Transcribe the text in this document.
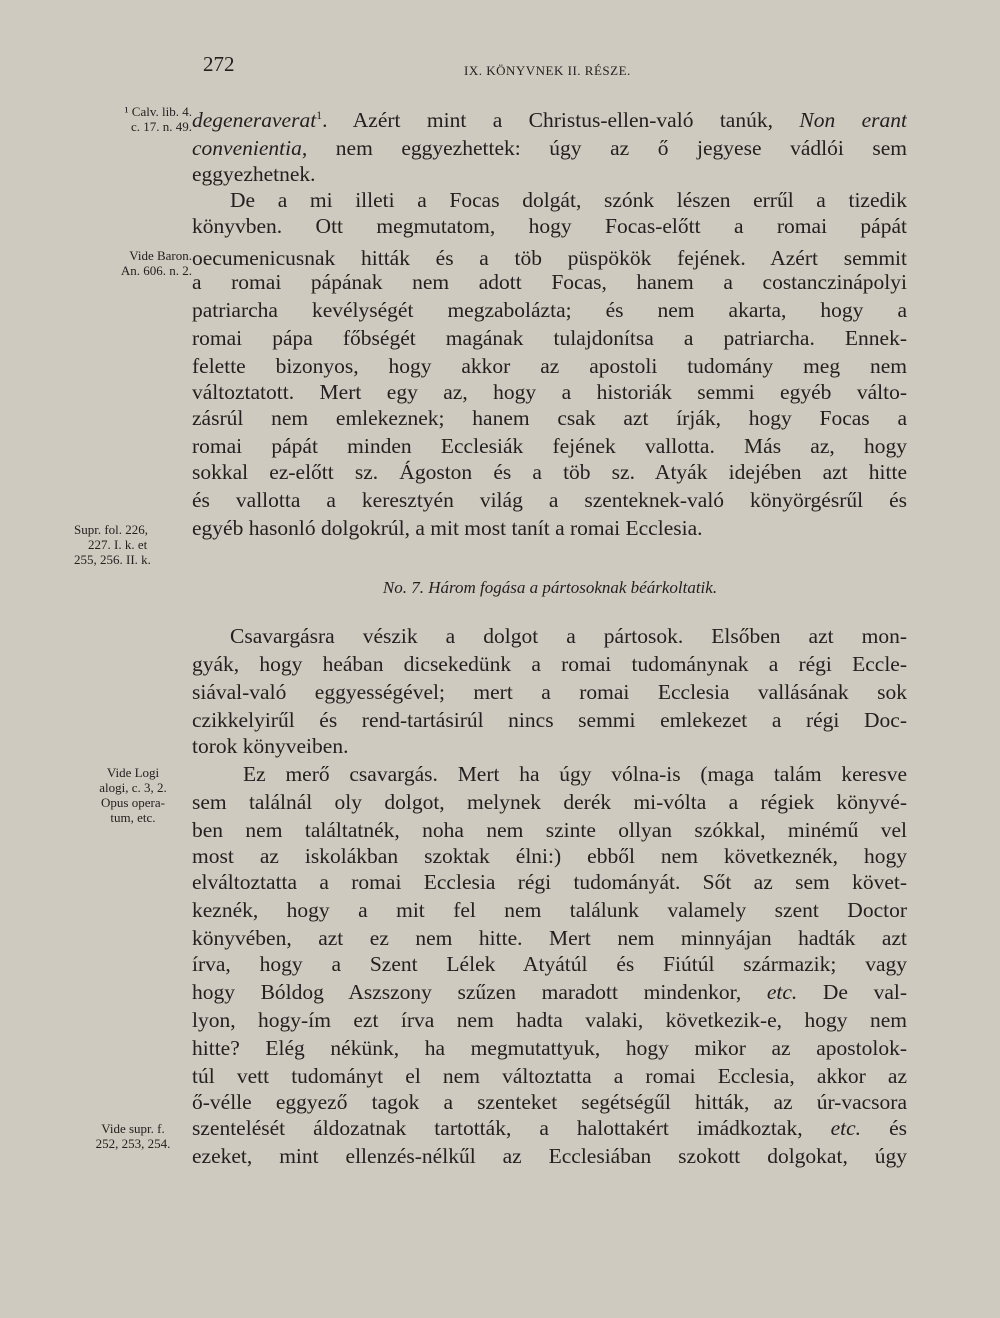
272	IX. KÖNYVNEK II. RÉSZE.
¹ Calv. lib. 4.
c. 17. n. 49.
Vide Baron.
An. 606. n. 2.
Supr. fol. 226,
227. I. k. et
255, 256. II. k.
Vide Logi
alogi, c. 3, 2.
Opus opera-
tum, etc.
Vide supr. f.
252, 253, 254.
degeneraverat$^1$. Azért mint a Christus-ellen-való tanúk, Non erant
convenientia, nem eggyezhettek: úgy az ő jegyese vádlói sem
eggyezhetnek.
De a mi illeti a Focas dolgát, szónk lészen errűl a tizedik
könyvben. Ott megmutatom, hogy Focas-előtt a romai pápát
oecumenicusnak hitták és a töb püspökök fejének. Azért semmit
a romai pápának nem adott Focas, hanem a costanczinápolyi
patriarcha kevélységét megzabolázta; és nem akarta, hogy a
romai pápa főbségét magának tulajdonítsa a patriarcha. Ennek-
felette bizonyos, hogy akkor az apostoli tudomány meg nem
változtatott. Mert egy az, hogy a historiák semmi egyéb válto-
zásrúl nem emlekeznek; hanem csak azt írják, hogy Focas a
romai pápát minden Ecclesiák fejének vallotta. Más az, hogy
sokkal ez-előtt sz. Ágoston és a töb sz. Atyák idejében azt hitte
és vallotta a keresztyén világ a szenteknek-való könyörgésrűl és
egyéb hasonló dolgokrúl, a mit most tanít a romai Ecclesia.
No. 7. Három fogása a pártosoknak béárkoltatik.
Csavargásra vészik a dolgot a pártosok. Elsőben azt mon-
gyák, hogy heában dicsekedünk a romai tudománynak a régi Eccle-
siával-való eggyességével; mert a romai Ecclesia vallásának sok
czikkelyirűl és rend-tartásirúl nincs semmi emlekezet a régi Doc-
torok könyveiben.
Ez merő csavargás. Mert ha úgy vólna-is (maga talám keresve
sem találnál oly dolgot, melynek derék mi-vólta a régiek könyvé-
ben nem találtatnék, noha nem szinte ollyan szókkal, minémű vel
most az iskolákban szoktak élni:) ebből nem következnék, hogy
elváltoztatta a romai Ecclesia régi tudományát. Sőt az sem követ-
keznék, hogy a mit fel nem találunk valamely szent Doctor
könyvében, azt ez nem hitte. Mert nem minnyájan hadták azt
írva, hogy a Szent Lélek Atyátúl és Fiútúl származik; vagy
hogy Bóldog Aszszony szűzen maradott mindenkor, etc. De val-
lyon, hogy-ím ezt írva nem hadta valaki, következik-e, hogy nem
hitte? Elég nékünk, ha megmutattyuk, hogy mikor az apostolok-
túl vett tudományt el nem változtatta a romai Ecclesia, akkor az
ő-vélle eggyező tagok a szenteket segétségűl hitták, az úr-vacsora
szentelését áldozatnak tartották, a halottakért imádkoztak, etc. és
ezeket, mint ellenzés-nélkűl az Ecclesiában szokott dolgokat, úgy
